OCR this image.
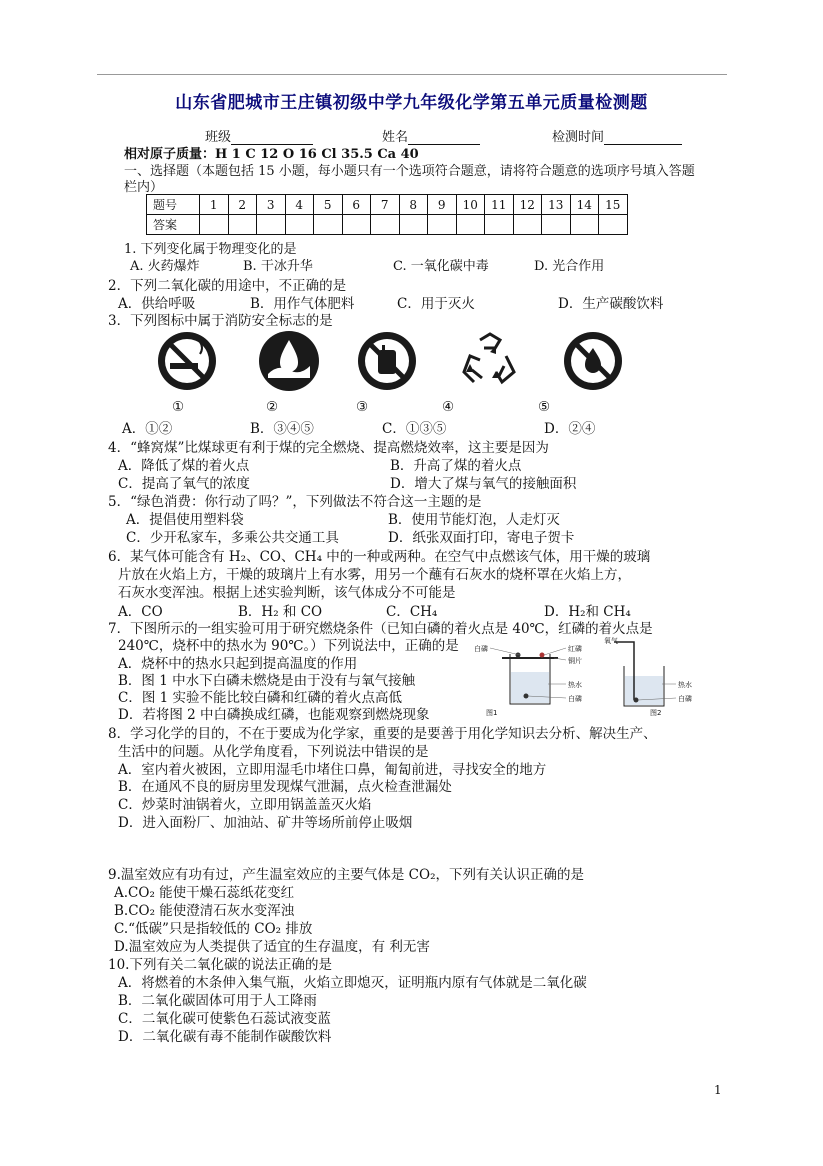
山东省肥城市王庄镇初级中学九年级化学第五单元质量检测题
班级	姓名	检测时间
相对原子质量：H 1 C 12 O 16 Cl 35.5 Ca 40
一、选择题（本题包括 15 小题，每小题只有一个选项符合题意，请将符合题意的选项序号填入答题
栏内）
题号	1	2	3	4	5	6	7	8	9	10	11	12	13	14	15
答案															
1. 下列变化属于物理变化的是
A. 火药爆炸	B. 干冰升华	C. 一氧化碳中毒	D. 光合作用
2．下列二氧化碳的用途中，不正确的是
A．供给呼吸	B．用作气体肥料	C．用于灭火	D．生产碳酸饮料
3．下列图标中属于消防安全标志的是
①	②	③	④	⑤
A．①②	B．③④⑤	C．①③⑤	D．②④
4．“蜂窝煤”比煤球更有利于煤的完全燃烧、提高燃烧效率，这主要是因为
A．降低了煤的着火点	B．升高了煤的着火点
C．提高了氧气的浓度	D．增大了煤与氧气的接触面积
5．“绿色消费：你行动了吗？”，下列做法不符合这一主题的是
A．提倡使用塑料袋	B．使用节能灯泡，人走灯灭
C．少开私家车，多乘公共交通工具	D．纸张双面打印，寄电子贺卡
6．某气体可能含有 H₂、CO、CH₄ 中的一种或两种。在空气中点燃该气体，用干燥的玻璃
片放在火焰上方，干燥的玻璃片上有水雾，用另一个蘸有石灰水的烧杯罩在火焰上方，
石灰水变浑浊。根据上述实验判断，该气体成分不可能是
A．CO	B．H₂ 和 CO	C．CH₄	D．H₂和 CH₄
7．下图所示的一组实验可用于研究燃烧条件（已知白磷的着火点是 40℃，红磷的着火点是
240℃，烧杯中的热水为 90℃。）下列说法中，正确的是
A．烧杯中的热水只起到提高温度的作用
B．图 1 中水下白磷未燃烧是由于没有与氧气接触
C．图 1 实验不能比较白磷和红磷的着火点高低
D．若将图 2 中白磷换成红磷，也能观察到燃烧现象
白磷	红磷
铜片
热水
白磷
图1
氧气
热水
白磷
图2
8．学习化学的目的，不在于要成为化学家，重要的是要善于用化学知识去分析、解决生产、
生活中的问题。从化学角度看，下列说法中错误的是
A．室内着火被困，立即用湿毛巾堵住口鼻，匍匐前进，寻找安全的地方
B．在通风不良的厨房里发现煤气泄漏，点火检查泄漏处
C．炒菜时油锅着火，立即用锅盖盖灭火焰
D．进入面粉厂、加油站、矿井等场所前停止吸烟
9.温室效应有功有过，产生温室效应的主要气体是 CO₂，下列有关认识正确的是
A.CO₂ 能使干燥石蕊纸花变红
B.CO₂ 能使澄清石灰水变浑浊
C.“低碳”只是指较低的 CO₂ 排放
D.温室效应为人类提供了适宜的生存温度，有 利无害
10.下列有关二氧化碳的说法正确的是
A．将燃着的木条伸入集气瓶，火焰立即熄灭，证明瓶内原有气体就是二氧化碳
B．二氧化碳固体可用于人工降雨
C．二氧化碳可使紫色石蕊试液变蓝
D．二氧化碳有毒不能制作碳酸饮料
1
